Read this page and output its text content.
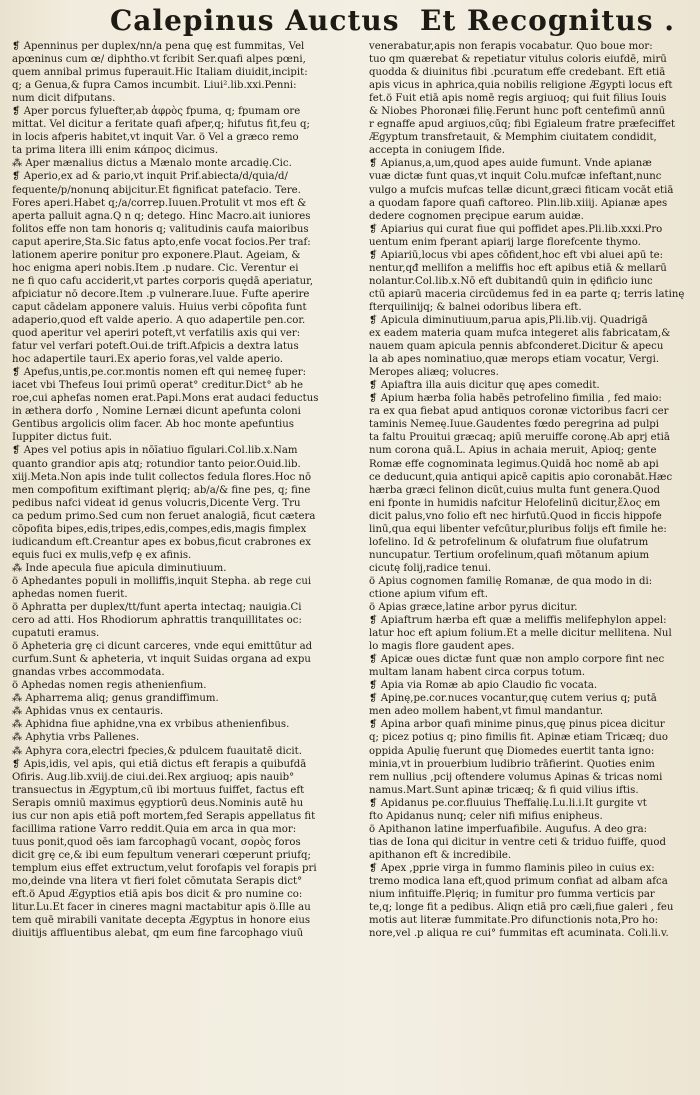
Calepinus Auctus Et Recognitus .
❡ Apenninus per duplex/nn/a pena quę est fummitas, Vel
apœninus cum œ/ diphtho.vt fcribit Ser.quafi alpes pœni,
quem annibal primus fuperauit.Hic Italiam diuidit,incipit:
q; a Genua,& fupra Camos incumbit. Liui².lib.xxi.Penni:
num dicit difputans.
❡ Aper porcus fyluefter,ab ἀφρὸς fpuma, q; fpumam ore
mittat. Vel dicitur a feritate quafi afper,q; hifutus fit,feu q;
in locis afperis habitet,vt inquit Var. ö Vel a græco remo
ta prima litera illi enim κάπρος dicimus.
⁂ Aper mænalius dictus a Mænalo monte arcadię.Cic.
❡ Aperio,ex ad & pario,vt inquit Prif.abiecta/d/quia/d/
fequente/p/nonunq abijcitur.Et fignificat patefacio. Tere.
Fores aperi.Habet q;/a/correp.Iuuen.Protulit vt mos eft &
aperta palluit agna.Q n q; detego. Hinc Macro.ait iuniores
folitos effe non tam honoris q; valitudinis caufa maioribus
caput aperire,Sta.Sic fatus apto,enfe vocat focios.Per traf:
lationem aperire ponitur pro exponere.Plaut. Ageiam, &
hoc enigma aperi nobis.Item .p nudare. Cic. Verentur ei
ne fi quo cafu acciderit,vt partes corporis quędā aperiatur,
afpiciatur nō decore.Item .p vulnerare.Iuue. Fufte aperire
caput cādelam apponere valuis. Huius verbi cōpofita funt
adaperio,quod eft valde aperio. A quo adapertile pen.cor.
quod aperitur vel aperiri poteft,vt verfatilis axis qui ver:
fatur vel verfari poteft.Oui.de trift.Afpicis a dextra latus
hoc adapertile tauri.Ex aperio foras,vel valde aperio.
❡ Apefus,untis,pe.cor.montis nomen eft qui nemeę fuper:
iacet vbi Thefeus Ioui primū operat° creditur.Dict° ab he
roe,cui aphefas nomen erat.Papi.Mons erat audaci feductus
in æthera dorfo , Nomine Lernæi dicunt apefunta coloni
Gentibus argolicis olim facer. Ab hoc monte apefuntius
Iuppiter dictus fuit.
❡ Apes vel potius apis in nōīatiuo fīgulari.Col.lib.x.Nam
quanto grandior apis atq; rotundior tanto peior.Ouid.lib.
xiij.Meta.Non apis inde tulit collectos fedula flores.Hoc nō
men compofitum exiftimant plęriq; ab/a/& fine pes, q; fine
pedibus nafci videat id genus volucris,Dicente Verg. Tru
ca pedum primo.Sed cum non feruet analogiā, ficut cætera
cōpofita bipes,edis,tripes,edis,compes,edis,magis fimplex
iudicandum eft.Creantur apes ex bobus,ficut crabrones ex
equis fuci ex mulis,vefp ę ex afinis.
⁂ Inde apecula fiue apicula diminutiuum.
ö Aphedantes populi in molliffis,inquit Stepha. ab rege cui
aphedas nomen fuerit.
ö Aphratta per duplex/tt/funt aperta intectaq; nauigia.Ci
cero ad atti. Hos Rhodiorum aphrattis tranquillitates oc:
cupatuti eramus.
ö Apheteria grę ci dicunt carceres, vnde equi emittūtur ad
curfum.Sunt & apheteria, vt inquit Suidas organa ad expu
gnandas vrbes accommodata.
ö Aphedas nomen regis athenienfium.
⁂ Apharrema aliq; genus grandiffimum.
⁂ Aphidas vnus ex centauris.
⁂ Aphidna fiue aphidne,vna ex vrbibus athenienfibus.
⁂ Aphytia vrbs Pallenes.
⁂ Aphyra cora,electri fpecies,& pdulcem fuauitatē dicit.
❡ Apis,idis, vel apis, qui etiā dictus eft ferapis a quibufdā
Ofiris. Aug.lib.xviij.de ciui.dei.Rex argiuoq; apis nauib°
transuectus in Ægyptum,cū ibi mortuus fuiffet, factus eft
Serapis omniū maximus ęgyptiorū deus.Nominis autē hu
ius cur non apis etiā poft mortem,fed Serapis appellatus fit
facillima ratione Varro reddit.Quia em arca in qua mor:
tuus ponit,quod oēs iam farcophagū vocant, σορὸς foros
dicit grę ce,& ibi eum fepultum venerari cœperunt priufq;
templum eius effet extructum,velut forofapis vel forapis pri
mo,deinde vna litera vt fieri folet cōmutata Serapis dict°
eft.ö Apud Ægyptios etiā apis bos dicit & pro numine co:
litur.Lu.Et facer in cineres magni mactabitur apis ö.Ille au
tem quē mirabili vanitate decepta Ægyptus in honore eius
diuitijs affluentibus alebat, qm eum fine farcophago viuū
venerabatur,apis non ferapis vocabatur. Quo boue mor:
tuo qm quærebat & repetiatur vitulus coloris eiufdē, mirū
quodda & diuinitus fibi .pcuratum effe credebant. Eft etiā
apis vicus in aphrica,quia nobilis religione Ægypti locus eft
fet.ö Fuit etiā apis nomē regis argiuoq; qui fuit filius Iouis
& Niobes Phoronæi filię.Ferunt hunc poft centefimū annū
r egnaffe apud argiuos,cūq; fibi Egialeum fratre præfeciffet
Ægyptum transfretauit, & Memphim ciuitatem condidit,
accepta in coniugem Ifide.
❡ Apianus,a,um,quod apes auide fumunt. Vnde apianæ
vuæ dictæ funt quas,vt inquit Colu.mufcæ infeftant,nunc
vulgo a mufcis mufcas tellæ dicunt,græci fiticam vocāt etiā
a quodam fapore quafi caftoreo. Plin.lib.xiiij. Apianæ apes
dedere cognomen pręcipue earum auidæ.
❡ Apiarius qui curat fiue qui poffidet apes.Pli.lib.xxxi.Pro
uentum enim fperant apiarij large florefcente thymo.
❡ Apiariū,locus vbi apes cōfident,hoc eft vbi aluei apū te:
nentur,qđ mellifon a meliffis hoc eft apibus etiā & mellarū
nolantur.Col.lib.x.Nō eft dubitandū quin in ędificio iunc
ctū apiarū maceria circūdemus fed in ea parte q; terris latinę
fterquilinijq; & balnei odoribus libera eft.
❡ Apicula diminutiuum,parua apis,Pli.lib.vij. Quadrigā
ex eadem materia quam mufca integeret alis fabricatam,&
nauem quam apicula pennis abfconderet.Dicitur & apecu
la ab apes nominatiuo,quæ merops etiam vocatur, Vergi.
Meropes aliæq; volucres.
❡ Apiaftra illa auis dicitur quę apes comedit.
❡ Apium hærba folia habēs petrofelino fimilia , fed maio:
ra ex qua fiebat apud antiquos coronæ victoribus facri cer
taminis Nemeę.Iuue.Gaudentes fœdo peregrina ad pulpi
ta faltu Prouitui græcaq; apiū meruiffe coronę.Ab aprj etiā
num corona quā.L. Apius in achaia meruit, Apioq; gente
Romæ effe cognominata legimus.Quidā hoc nomē ab api
ce deducunt,quia antiqui apicē capitis apio coronabāt.Hæc
hærba græci felinon dicūt,cuius multa funt genera.Quod
eni fponte in humidis nafcitur Helofelinū dicitur,ἕλος em
dicit palus,vno folio eft nec hirfutū.Quod in ficcis hippofe
linū,qua equi libenter vefcūtur,pluribus folijs eft fimile he:
lofelino. Id & petrofelinum & olufatrum fiue olufatrum
nuncupatur. Tertium orofelinum,quafi mōtanum apium
cicutę folij,radice tenui.
ö Apius cognomen familię Romanæ, de qua modo in di:
ctione apium vifum eft.
ö Apias græce,latine arbor pyrus dicitur.
❡ Apiaftrum hærba eft quæ a meliffis melifephylon appel:
latur hoc eft apium folium.Et a melle dicitur mellitena. Nul
lo magis flore gaudent apes.
❡ Apicæ oues dictæ funt quæ non amplo corpore fint nec
multam lanam habent circa corpus totum.
❡ Apia via Romæ ab apio Claudio fic vocata.
❡ Apinę,pe.cor.nuces vocantur,quę cutem verius q; putā
men adeo mollem habent,vt fimul mandantur.
❡ Apina arbor quafi minime pinus,quę pinus picea dicitur
q; picez potius q; pino fimilis fit. Apinæ etiam Tricæq; duo
oppida Apulię fuerunt quę Diomedes euertit tanta igno:
minia,vt in prouerbium ludibrio trāfierint. Quoties enim
rem nullius ,pcij oftendere volumus Apinas & tricas nomi
namus.Mart.Sunt apinæ tricæq; & fi quid vilius iftis.
❡ Apidanus pe.cor.fluuius Theffalię.Lu.li.i.It gurgite vt
fto Apidanus nunq; celer nifi mifius enipheus.
ö Apithanon latine imperfuafibile. Augufus. A deo gra:
tias de Iona qui dicitur in ventre ceti & triduo fuiffe, quod
apithanon eft & incredibile.
❡ Apex ,pprie virga in fummo flaminis pileo in cuius ex:
tremo modica lana eft,quod primum confiat ad albam afca
nium infituiffe.Plęriq; in fumitur pro fumma verticis par
te,q; longe fit a pedibus. Aliqn etiā pro cæli,fiue galeri , feu
motis aut literæ fummitate.Pro difunctionis nota,Pro ho:
nore,vel .p aliqua re cui° fummitas eft acuminata. Coli.li.v.
